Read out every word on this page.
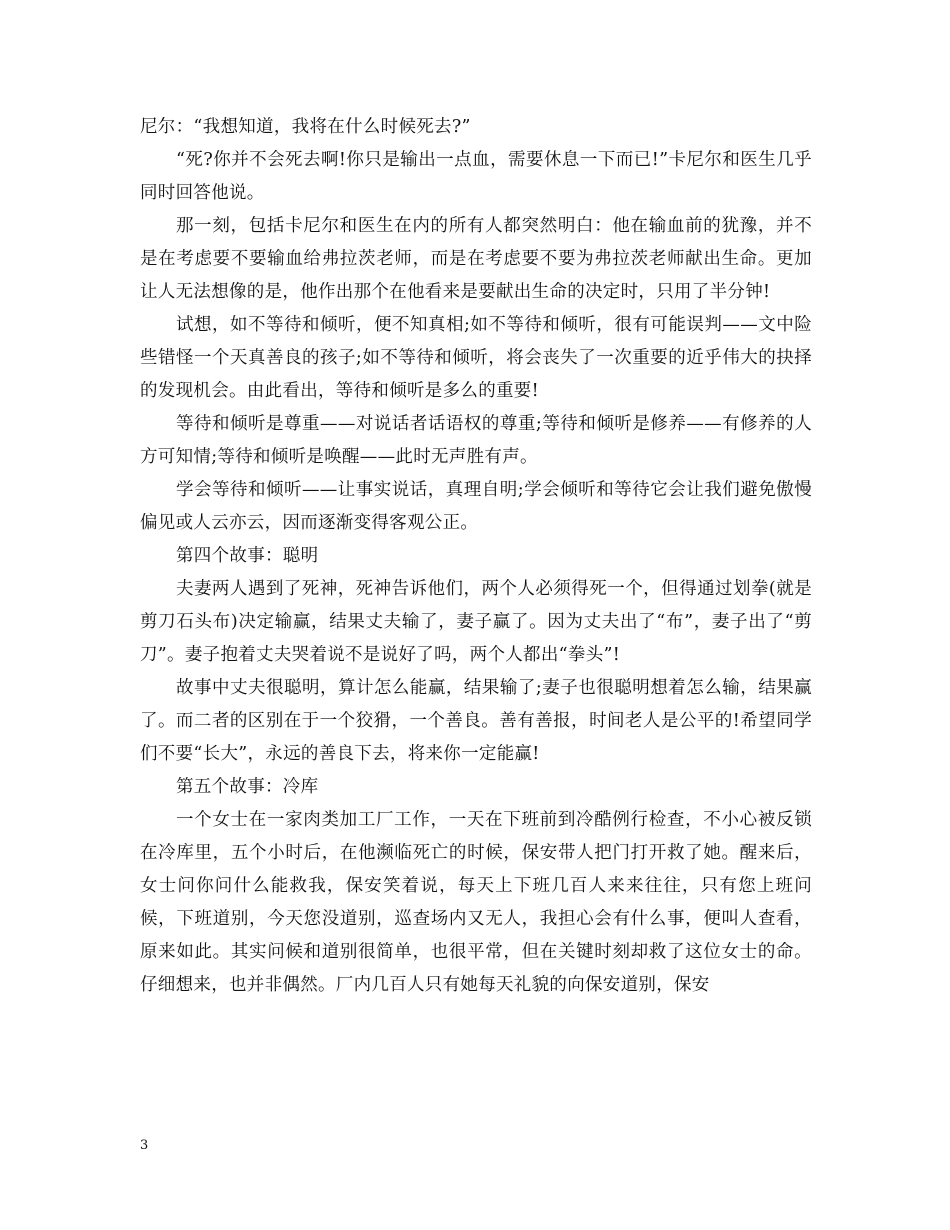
尼尔：“我想知道，我将在什么时候死去?”

“死?你并不会死去啊!你只是输出一点血，需要休息一下而已!”卡尼尔和医生几乎同时回答他说。

那一刻，包括卡尼尔和医生在内的所有人都突然明白：他在输血前的犹豫，并不是在考虑要不要输血给弗拉茨老师，而是在考虑要不要为弗拉茨老师献出生命。更加让人无法想像的是，他作出那个在他看来是要献出生命的决定时，只用了半分钟!

试想，如不等待和倾听，便不知真相;如不等待和倾听，很有可能误判——文中险些错怪一个天真善良的孩子;如不等待和倾听，将会丧失了一次重要的近乎伟大的抉择的发现机会。由此看出，等待和倾听是多么的重要!

等待和倾听是尊重——对说话者话语权的尊重;等待和倾听是修养——有修养的人方可知情;等待和倾听是唤醒——此时无声胜有声。

学会等待和倾听——让事实说话，真理自明;学会倾听和等待它会让我们避免傲慢偏见或人云亦云，因而逐渐变得客观公正。

第四个故事：聪明

夫妻两人遇到了死神，死神告诉他们，两个人必须得死一个，但得通过划拳(就是剪刀石头布)决定输赢，结果丈夫输了，妻子赢了。因为丈夫出了“布”，妻子出了“剪刀”。妻子抱着丈夫哭着说不是说好了吗，两个人都出“拳头”!

故事中丈夫很聪明，算计怎么能赢，结果输了;妻子也很聪明想着怎么输，结果赢了。而二者的区别在于一个狡猾，一个善良。善有善报，时间老人是公平的!希望同学们不要“长大”，永远的善良下去，将来你一定能赢!

第五个故事：冷库

一个女士在一家肉类加工厂工作，一天在下班前到冷酷例行检查，不小心被反锁在冷库里，五个小时后，在他濒临死亡的时候，保安带人把门打开救了她。醒来后，女士问你问什么能救我，保安笑着说，每天上下班几百人来来往往，只有您上班问候，下班道别，今天您没道别，巡查场内又无人，我担心会有什么事，便叫人查看，原来如此。其实问候和道别很简单，也很平常，但在关键时刻却救了这位女士的命。仔细想来，也并非偶然。厂内几百人只有她每天礼貌的向保安道别，保安

3
